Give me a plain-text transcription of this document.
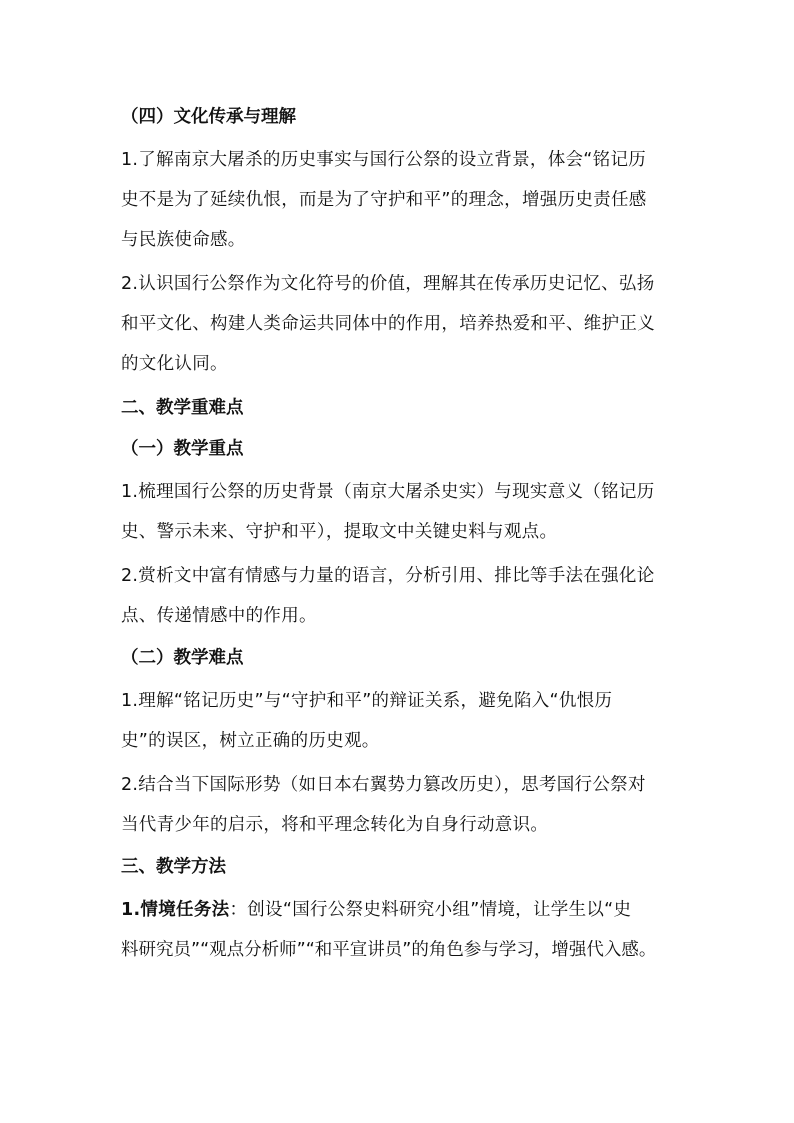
（四）文化传承与理解
1.了解南京大屠杀的历史事实与国行公祭的设立背景，体会“铭记历
史不是为了延续仇恨，而是为了守护和平”的理念，增强历史责任感
与民族使命感。
2.认识国行公祭作为文化符号的价值，理解其在传承历史记忆、弘扬
和平文化、构建人类命运共同体中的作用，培养热爱和平、维护正义
的文化认同。
二、教学重难点
（一）教学重点
1.梳理国行公祭的历史背景（南京大屠杀史实）与现实意义（铭记历
史、警示未来、守护和平），提取文中关键史料与观点。
2.赏析文中富有情感与力量的语言，分析引用、排比等手法在强化论
点、传递情感中的作用。
（二）教学难点
1.理解“铭记历史”与“守护和平”的辩证关系，避免陷入“仇恨历
史”的误区，树立正确的历史观。
2.结合当下国际形势（如日本右翼势力篡改历史），思考国行公祭对
当代青少年的启示，将和平理念转化为自身行动意识。
三、教学方法
1.情境任务法：创设“国行公祭史料研究小组”情境，让学生以“史
料研究员”“观点分析师”“和平宣讲员”的角色参与学习，增强代入感。
